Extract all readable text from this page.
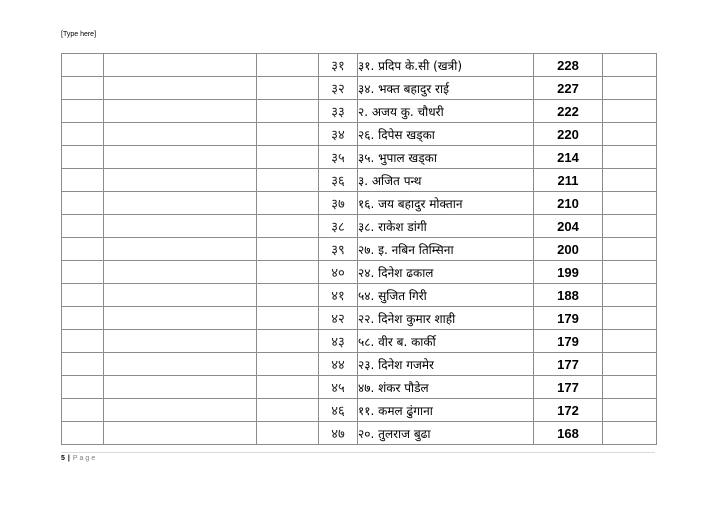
[Type here]
			३१	३१. प्रदिप के.सी (खत्री)	228	
			३२	३४. भक्त बहादुर राई	227	
			३३	२. अजय कु. चौधरी	222	
			३४	२६. दिपेस खड्का	220	
			३५	३५. भुपाल खड्का	214	
			३६	३. अजित पन्थ	211	
			३७	१६. जय बहादुर मोक्तान	210	
			३८	३८. राकेश डांगी	204	
			३९	२७. इ. नबिन तिम्सिना	200	
			४०	२४. दिनेश ढकाल	199	
			४१	५४. सुजित गिरी	188	
			४२	२२. दिनेश कुमार शाही	179	
			४३	५८. वीर ब. कार्की	179	
			४४	२३. दिनेश गजमेर	177	
			४५	४७. शंकर पौडेल	177	
			४६	११. कमल ढुंगाना	172	
			४७	२०. तुलराज बुढा	168	
5 | Page
